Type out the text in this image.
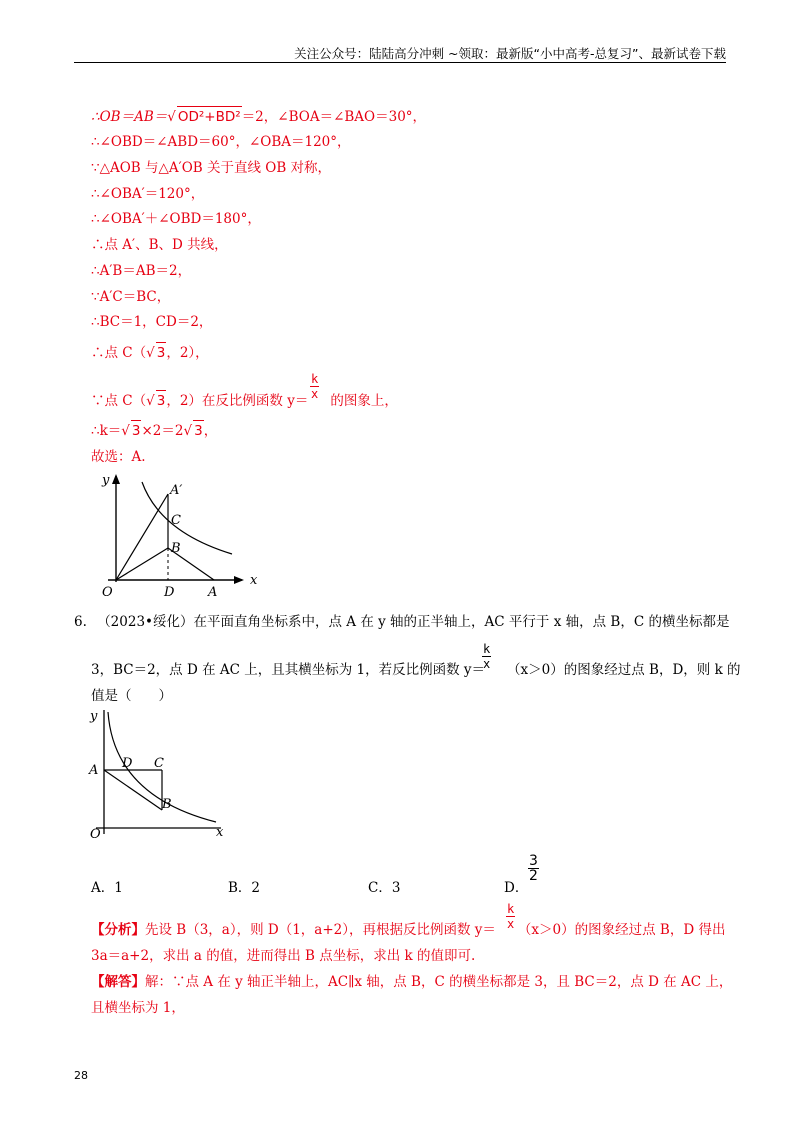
关注公众号：陆陆高分冲刺 ~领取：最新版“小中高考-总复习”、最新试卷下载
∴OB＝AB＝√ OD²+BD²＝2，∠BOA＝∠BAO＝30°，
∴∠OBD＝∠ABD＝60°，∠OBA＝120°，
∵△AOB 与△A′OB 关于直线 OB 对称，
∴∠OBA′＝120°，
∴∠OBA′＋∠OBD＝180°，
∴点 A′、B、D 共线，
∴A′B＝AB＝2，
∵A′C＝BC，
∴BC＝1，CD＝2，
∴点 C（√ 3，2），
∵点 C（√ 3，2）在反比例函数 y＝ 的图象上，
$\frac{k}{x}$
∴k＝√ 3×2＝2√ 3，
故选：A.
y
x
O
A′
C
B
D	A
6. （2023•绥化）在平面直角坐标系中，点 A 在 y 轴的正半轴上，AC 平行于 x 轴，点 B，C 的横坐标都是
3，BC＝2，点 D 在 AC 上，且其横坐标为 1，若反比例函数 y＝ （x＞0）的图象经过点 B，D，则 k 的
$\frac{k}{x}$
值是（　　）
y
x
O
A D C
B
A．1	B．2	C．3	D．
$\frac{3}{2}$
【分析】先设 B（3，a），则 D（1，a+2），再根据反比例函数 y＝ （x＞0）的图象经过点 B，D 得出
$\frac{k}{x}$
3a＝a+2，求出 a 的值，进而得出 B 点坐标，求出 k 的值即可.
【解答】解：∵点 A 在 y 轴正半轴上，AC∥x 轴，点 B，C 的横坐标都是 3，且 BC＝2，点 D 在 AC 上，
且横坐标为 1，
28
